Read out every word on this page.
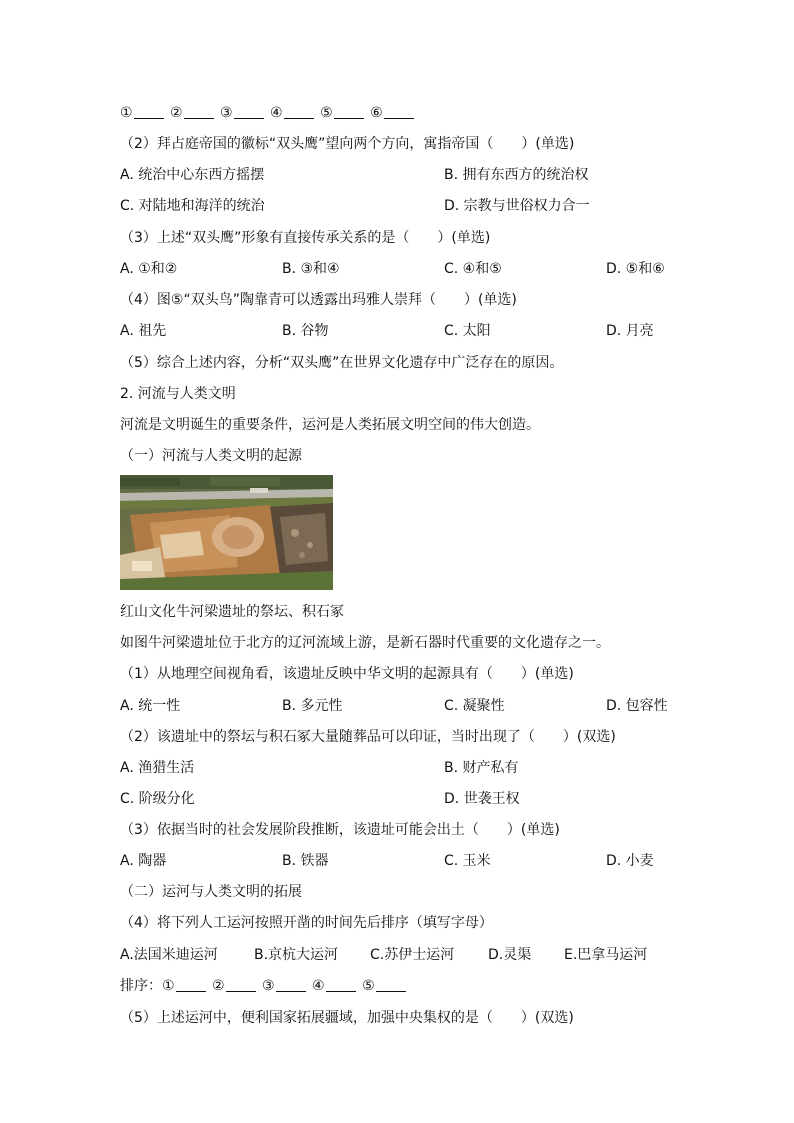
①	②	③	④	⑤	⑥
（2）拜占庭帝国的徽标“双头鹰”望向两个方向，寓指帝国（　　）(单选)
A. 统治中心东西方摇摆	B. 拥有东西方的统治权
C. 对陆地和海洋的统治	D. 宗教与世俗权力合一
（3）上述“双头鹰”形象有直接传承关系的是（　　）(单选)
A. ①和②	B. ③和④	C. ④和⑤	D. ⑤和⑥
（4）图⑤“双头鸟”陶靠青可以透露出玛雅人崇拜（　　）(单选)
A. 祖先	B. 谷物	C. 太阳	D. 月亮
（5）综合上述内容，分析“双头鹰”在世界文化遗存中广泛存在的原因。
2. 河流与人类文明
河流是文明诞生的重要条件，运河是人类拓展文明空间的伟大创造。
（一）河流与人类文明的起源
红山文化牛河梁遗址的祭坛、积石冢
如图牛河梁遗址位于北方的辽河流域上游，是新石器时代重要的文化遗存之一。
（1）从地理空间视角看，该遗址反映中华文明的起源具有（　　）(单选)
A. 统一性	B. 多元性	C. 凝聚性	D. 包容性
（2）该遗址中的祭坛与积石冢大量随葬品可以印证，当时出现了（　　）(双选)
A. 渔猎生活	B. 财产私有
C. 阶级分化	D. 世袭王权
（3）依据当时的社会发展阶段推断，该遗址可能会出土（　　）(单选)
A. 陶器	B. 铁器	C. 玉米	D. 小麦
（二）运河与人类文明的拓展
（4）将下列人工运河按照开凿的时间先后排序（填写字母）
A.法国米迪运河	B.京杭大运河 C.苏伊士运河 D.灵渠 E.巴拿马运河
排序：①	②	③	④	⑤
（5）上述运河中，便利国家拓展疆域，加强中央集权的是（　　）(双选)
